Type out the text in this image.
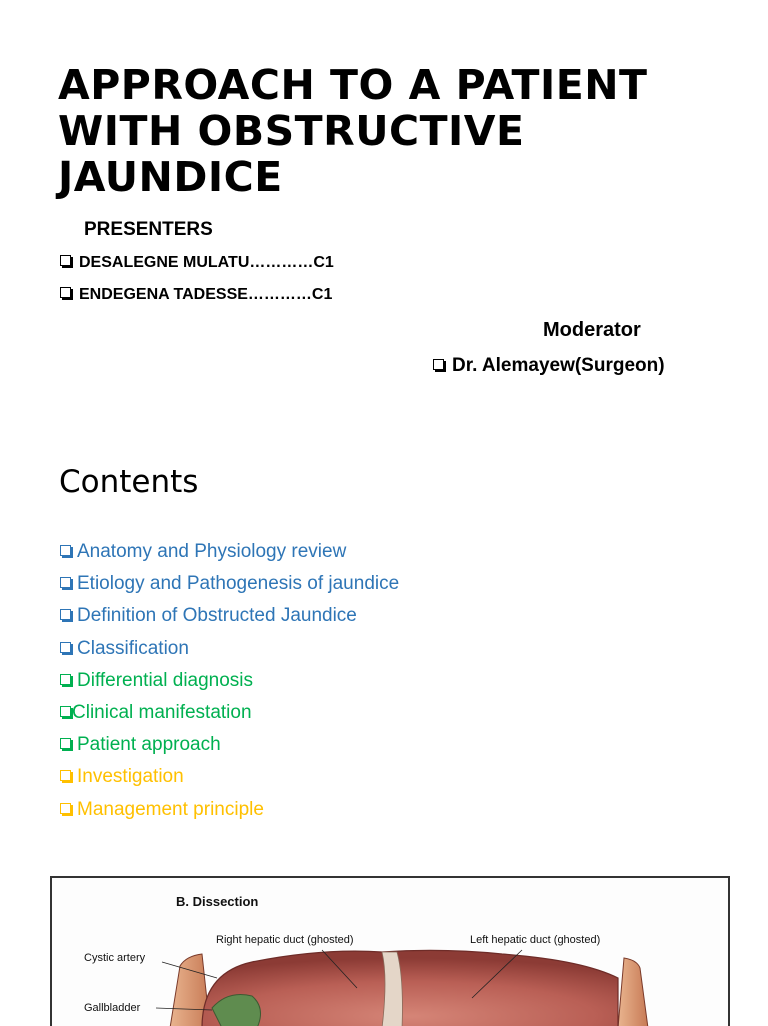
APPROACH TO A PATIENT
WITH OBSTRUCTIVE
JAUNDICE
PRESENTERS
DESALEGNE MULATU…………C1
ENDEGENA TADESSE…………C1
Moderator
Dr. Alemayew(Surgeon)
Contents
Anatomy and Physiology review
Etiology and Pathogenesis of jaundice
Definition of Obstructed Jaundice
Classification
Differential diagnosis
Clinical manifestation
Patient approach
Investigation
Management principle
B. Dissection
Right hepatic duct (ghosted)	Left hepatic duct (ghosted)
Cystic artery
Gallbladder
